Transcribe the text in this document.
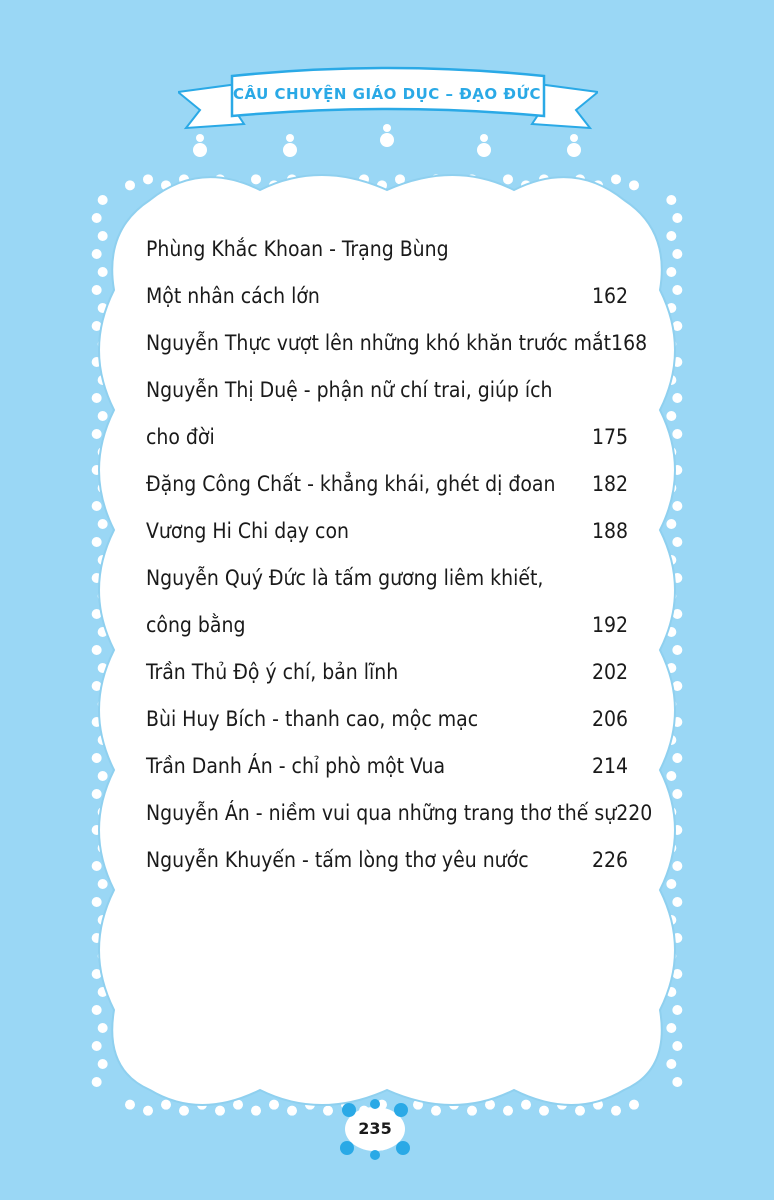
CÂU CHUYỆN GIÁO DỤC – ĐẠO ĐỨC
Phùng Khắc Khoan - Trạng Bùng
Một nhân cách lớn	162
Nguyễn Thực vượt lên những khó khăn trước mắt 168
Nguyễn Thị Duệ - phận nữ chí trai, giúp ích
cho đời	175
Đặng Công Chất - khẳng khái, ghét dị đoan 182
Vương Hi Chi dạy con	188
Nguyễn Quý Đức là tấm gương liêm khiết,
công bằng	192
Trần Thủ Độ ý chí, bản lĩnh	202
Bùi Huy Bích - thanh cao, mộc mạc	206
Trần Danh Án - chỉ phò một Vua	214
Nguyễn Án - niềm vui qua những trang thơ thế sự 220
Nguyễn Khuyến - tấm lòng thơ yêu nước	226
235
